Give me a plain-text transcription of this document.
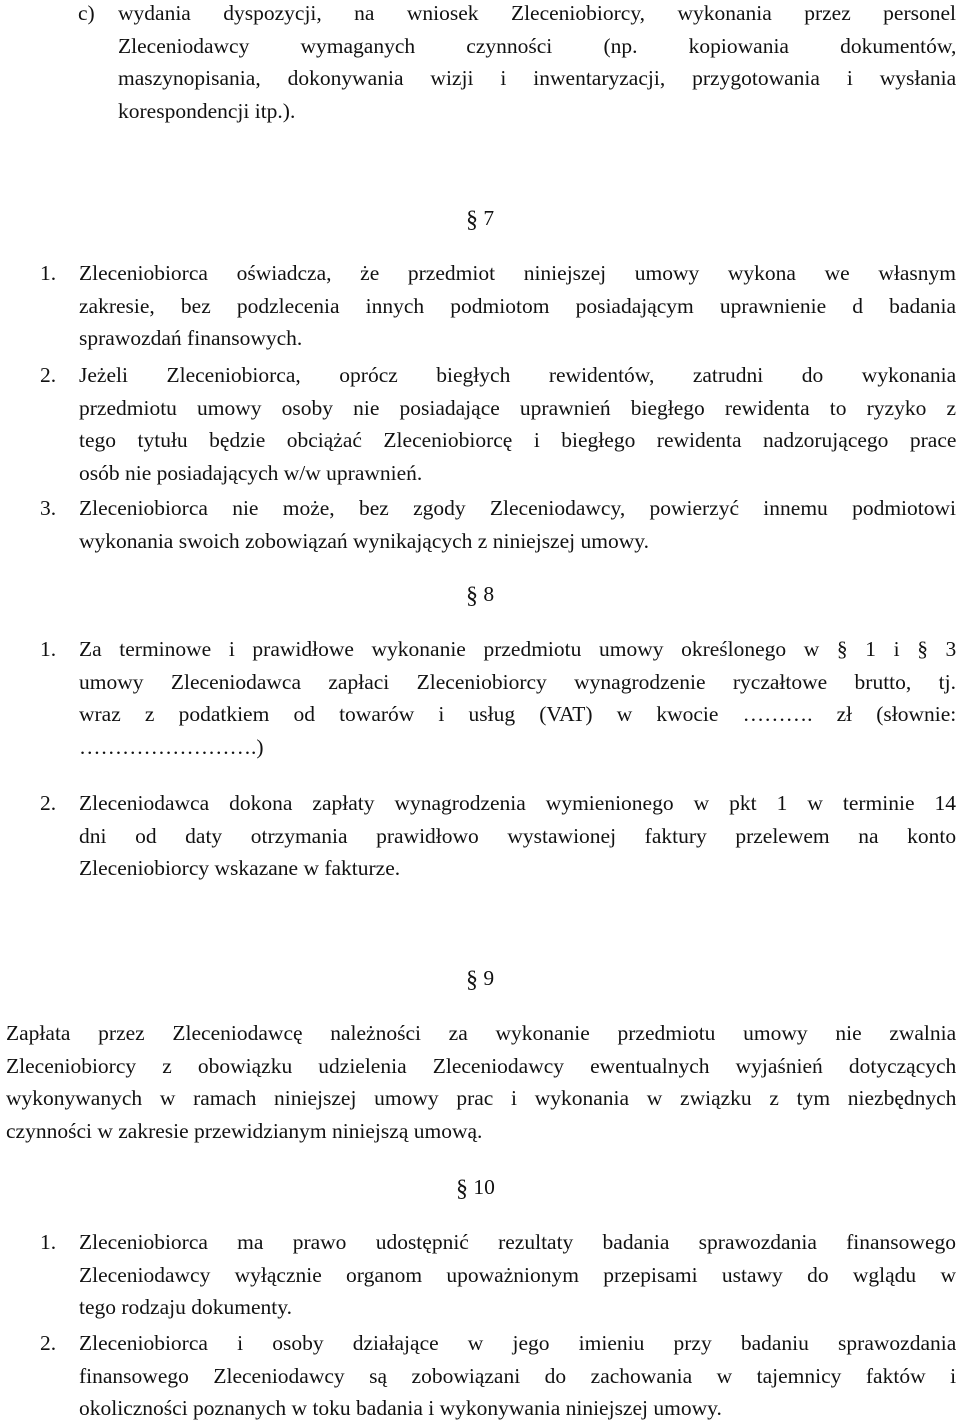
c) wydania dyspozycji, na wniosek Zleceniobiorcy, wykonania przez personel
Zleceniodawcy wymaganych czynności (np. kopiowania dokumentów,
maszynopisania, dokonywania wizji i inwentaryzacji, przygotowania i wysłania
korespondencji itp.).
§ 7
1. Zleceniobiorca oświadcza, że przedmiot niniejszej umowy wykona we własnym
zakresie, bez podzlecenia innych podmiotom posiadającym uprawnienie d badania
sprawozdań finansowych.
2. Jeżeli Zleceniobiorca, oprócz biegłych rewidentów, zatrudni do wykonania
przedmiotu umowy osoby nie posiadające uprawnień biegłego rewidenta to ryzyko z
tego tytułu będzie obciążać Zleceniobiorcę i biegłego rewidenta nadzorującego prace
osób nie posiadających w/w uprawnień.
3. Zleceniobiorca nie może, bez zgody Zleceniodawcy, powierzyć innemu podmiotowi
wykonania swoich zobowiązań wynikających z niniejszej umowy.
§ 8
1. Za terminowe i prawidłowe wykonanie przedmiotu umowy określonego w § 1 i § 3
umowy Zleceniodawca zapłaci Zleceniobiorcy wynagrodzenie ryczałtowe brutto, tj.
wraz z podatkiem od towarów i usług (VAT) w kwocie ………. zł (słownie:
…………………….)
2. Zleceniodawca dokona zapłaty wynagrodzenia wymienionego w pkt 1 w terminie 14
dni od daty otrzymania prawidłowo wystawionej faktury przelewem na konto
Zleceniobiorcy wskazane w fakturze.
§ 9
Zapłata przez Zleceniodawcę należności za wykonanie przedmiotu umowy nie zwalnia
Zleceniobiorcy z obowiązku udzielenia Zleceniodawcy ewentualnych wyjaśnień dotyczących
wykonywanych w ramach niniejszej umowy prac i wykonania w związku z tym niezbędnych
czynności w zakresie przewidzianym niniejszą umową.
§ 10
1. Zleceniobiorca ma prawo udostępnić rezultaty badania sprawozdania finansowego
Zleceniodawcy wyłącznie organom upoważnionym przepisami ustawy do wglądu w
tego rodzaju dokumenty.
2. Zleceniobiorca i osoby działające w jego imieniu przy badaniu sprawozdania
finansowego Zleceniodawcy są zobowiązani do zachowania w tajemnicy faktów i
okoliczności poznanych w toku badania i wykonywania niniejszej umowy.
